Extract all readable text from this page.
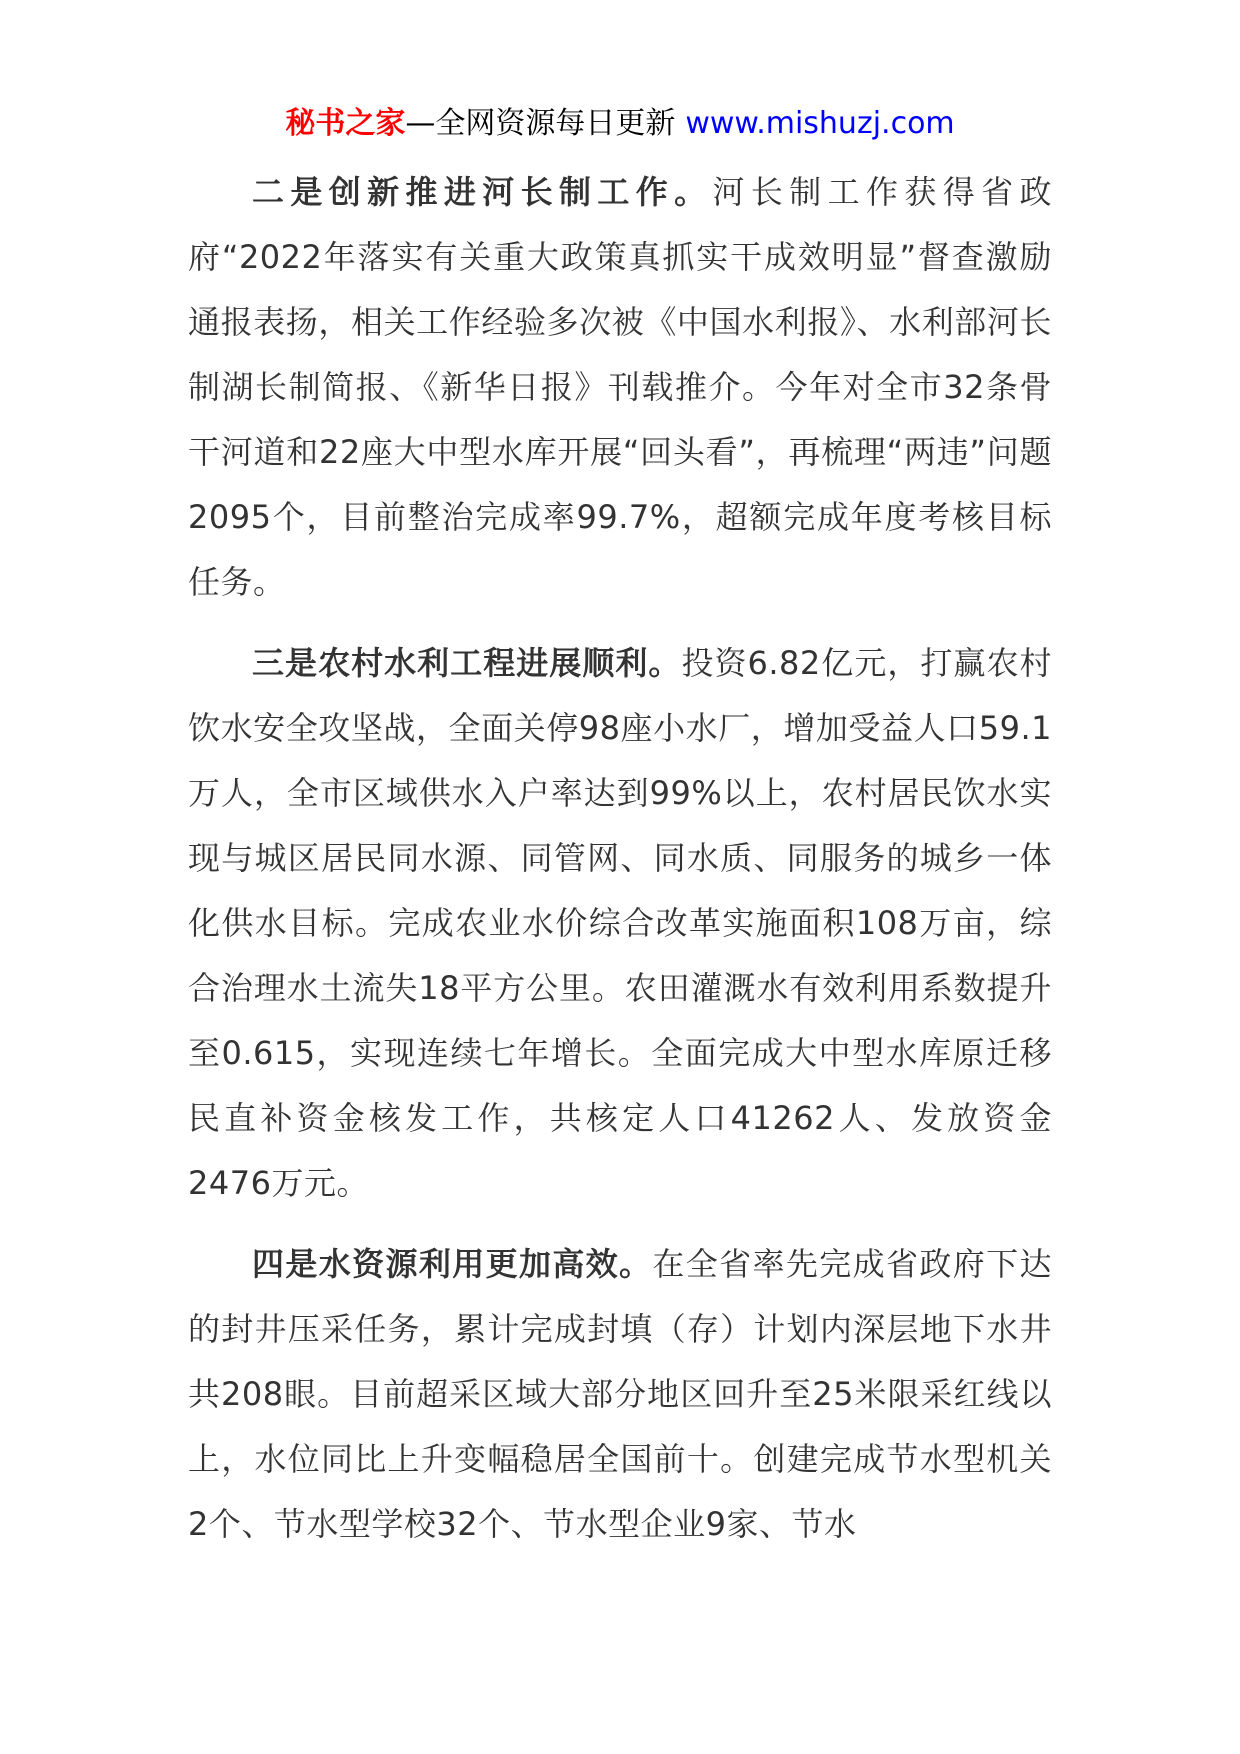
秘书之家—全网资源每日更新 www.mishuzj.com

二是创新推进河长制工作。河长制工作获得省政府“2022年落实有关重大政策真抓实干成效明显”督查激励通报表扬，相关工作经验多次被《中国水利报》、水利部河长制湖长制简报、《新华日报》刊载推介。今年对全市32条骨干河道和22座大中型水库开展“回头看”，再梳理“两违”问题2095个，目前整治完成率99.7%，超额完成年度考核目标任务。

三是农村水利工程进展顺利。投资6.82亿元，打赢农村饮水安全攻坚战，全面关停98座小水厂，增加受益人口59.1万人，全市区域供水入户率达到99%以上，农村居民饮水实现与城区居民同水源、同管网、同水质、同服务的城乡一体化供水目标。完成农业水价综合改革实施面积108万亩，综合治理水土流失18平方公里。农田灌溉水有效利用系数提升至0.615，实现连续七年增长。全面完成大中型水库原迁移民直补资金核发工作，共核定人口41262人、发放资金2476万元。

四是水资源利用更加高效。在全省率先完成省政府下达的封井压采任务，累计完成封填（存）计划内深层地下水井共208眼。目前超采区域大部分地区回升至25米限采红线以上，水位同比上升变幅稳居全国前十。创建完成节水型机关2个、节水型学校32个、节水型企业9家、节水
